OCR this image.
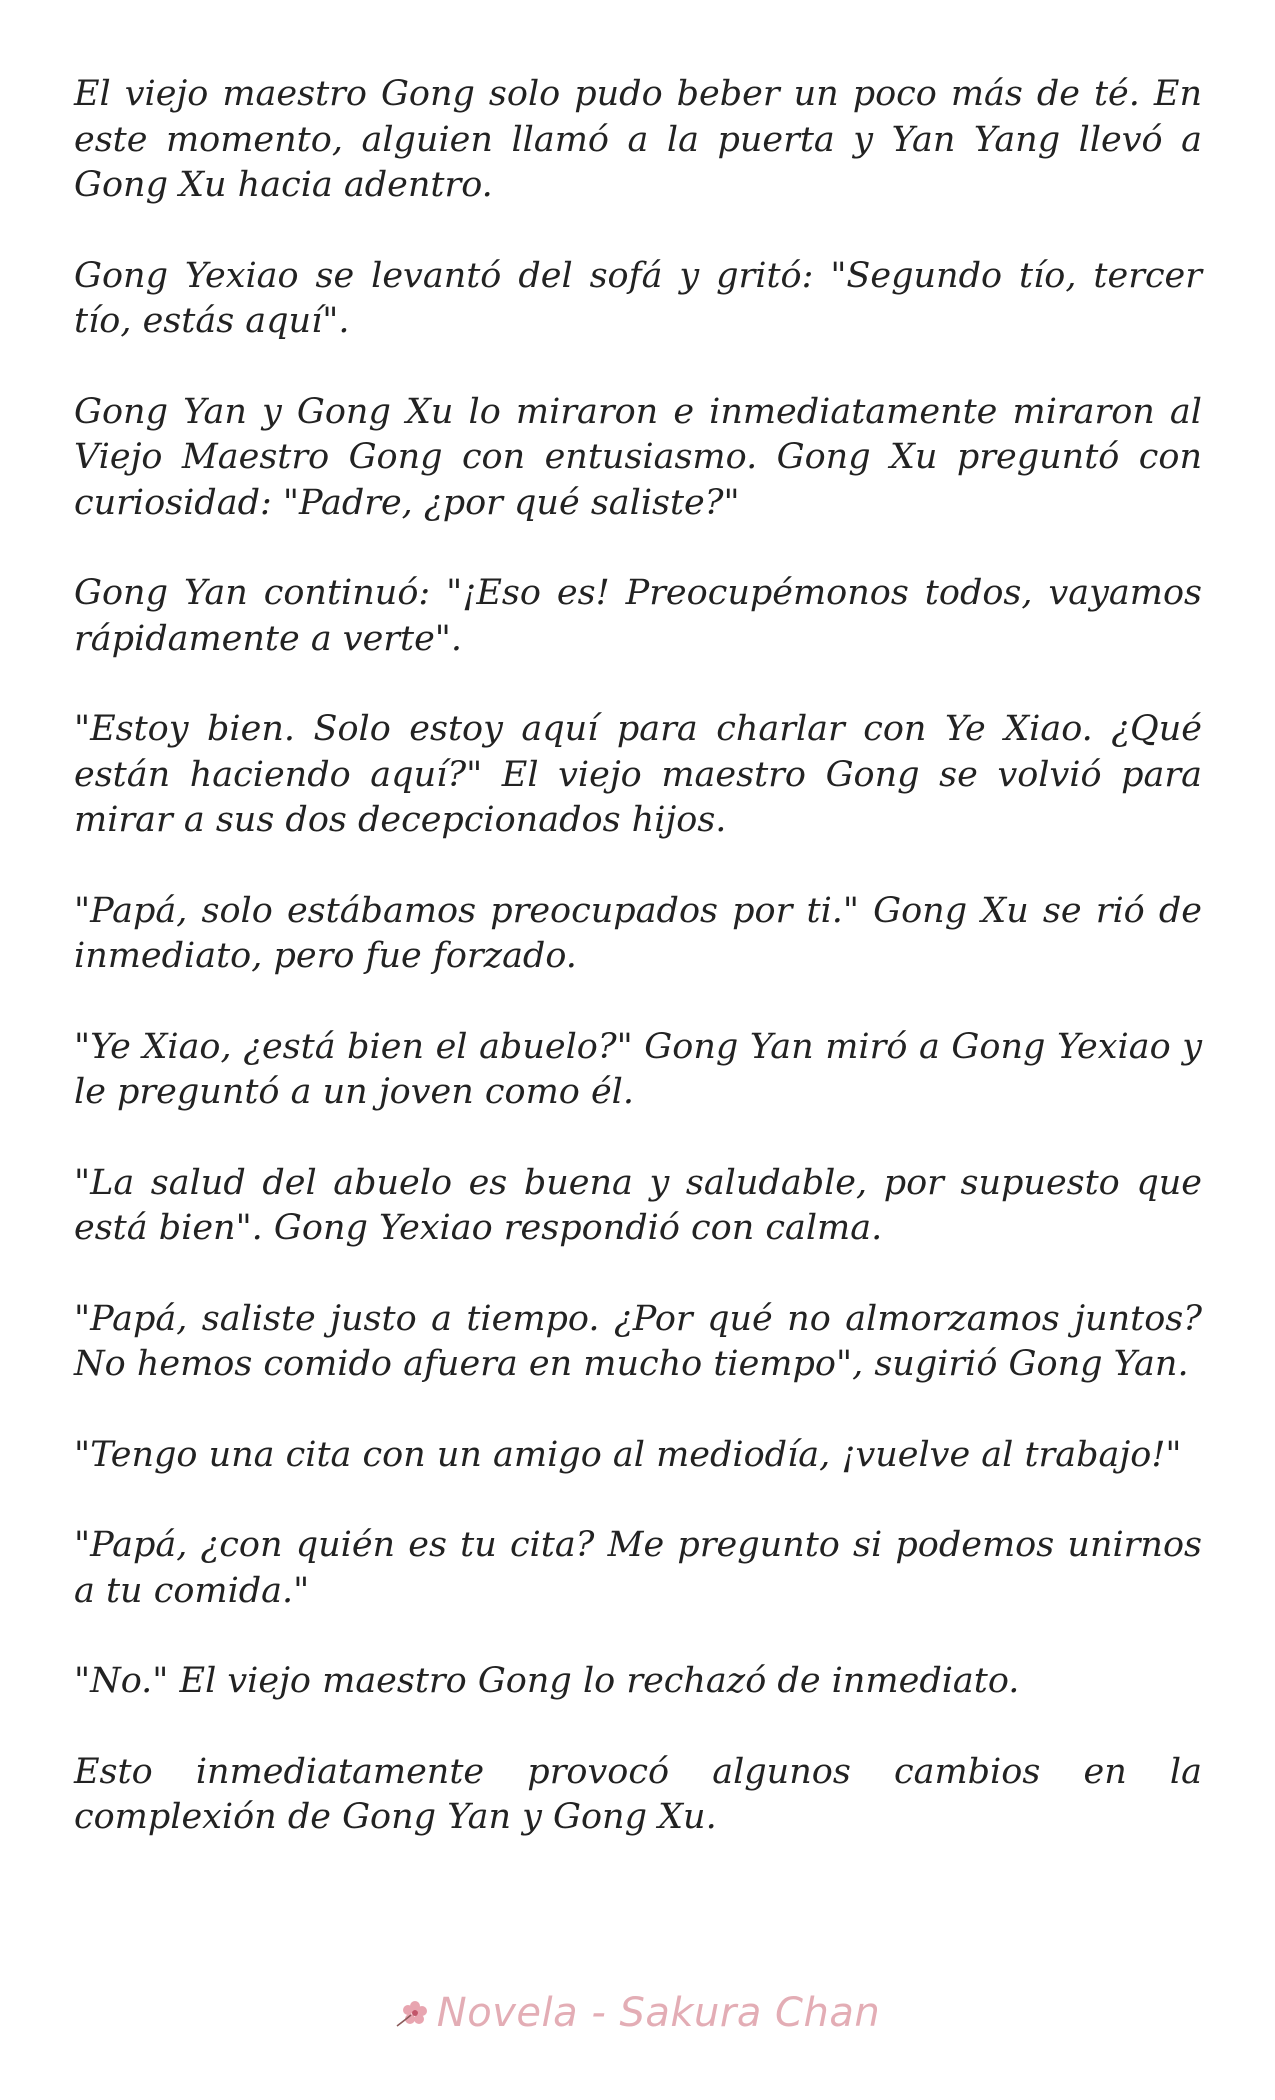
El viejo maestro Gong solo pudo beber un poco más de té. En este momento, alguien llamó a la puerta y Yan Yang llevó a Gong Xu hacia adentro.

Gong Yexiao se levantó del sofá y gritó: "Segundo tío, tercer tío, estás aquí".

Gong Yan y Gong Xu lo miraron e inmediatamente miraron al Viejo Maestro Gong con entusiasmo. Gong Xu preguntó con curiosidad: "Padre, ¿por qué saliste?"

Gong Yan continuó: "¡Eso es! Preocupémonos todos, vayamos rápidamente a verte".

"Estoy bien. Solo estoy aquí para charlar con Ye Xiao. ¿Qué están haciendo aquí?" El viejo maestro Gong se volvió para mirar a sus dos decepcionados hijos.

"Papá, solo estábamos preocupados por ti." Gong Xu se rió de inmediato, pero fue forzado.

"Ye Xiao, ¿está bien el abuelo?" Gong Yan miró a Gong Yexiao y le preguntó a un joven como él.

"La salud del abuelo es buena y saludable, por supuesto que está bien". Gong Yexiao respondió con calma.

"Papá, saliste justo a tiempo. ¿Por qué no almorzamos juntos? No hemos comido afuera en mucho tiempo", sugirió Gong Yan.

"Tengo una cita con un amigo al mediodía, ¡vuelve al trabajo!"

"Papá, ¿con quién es tu cita? Me pregunto si podemos unirnos a tu comida."

"No." El viejo maestro Gong lo rechazó de inmediato.

Esto inmediatamente provocó algunos cambios en la complexión de Gong Yan y Gong Xu.

Novela - Sakura Chan
